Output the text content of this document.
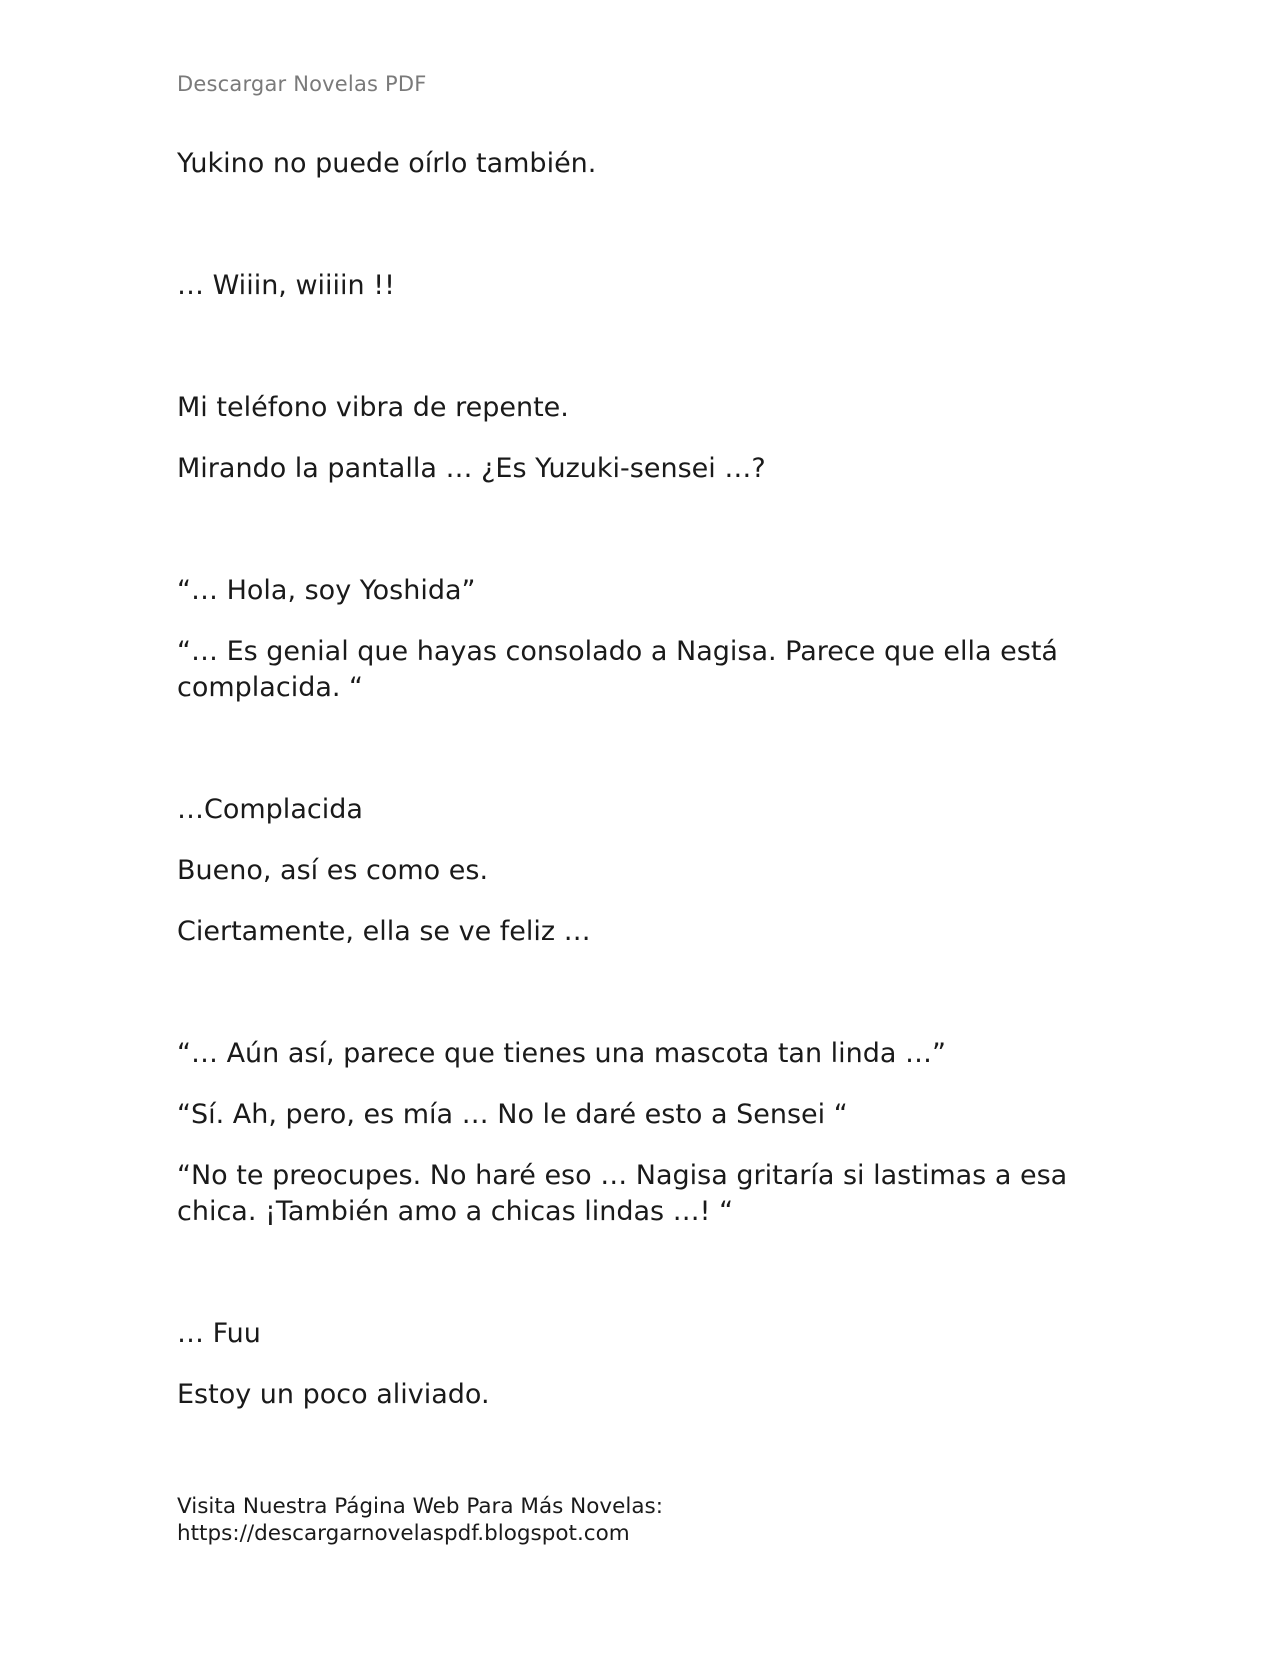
Descargar Novelas PDF

Yukino no puede oírlo también.

… Wiiin, wiiiin !!

Mi teléfono vibra de repente.

Mirando la pantalla … ¿Es Yuzuki-sensei …?

“… Hola, soy Yoshida”

“… Es genial que hayas consolado a Nagisa. Parece que ella está complacida. “

…Complacida

Bueno, así es como es.

Ciertamente, ella se ve feliz …

“… Aún así, parece que tienes una mascota tan linda …”

“Sí. Ah, pero, es mía … No le daré esto a Sensei “

“No te preocupes. No haré eso … Nagisa gritaría si lastimas a esa chica. ¡También amo a chicas lindas …! “

… Fuu

Estoy un poco aliviado.

Visita Nuestra Página Web Para Más Novelas:
https://descargarnovelaspdf.blogspot.com
